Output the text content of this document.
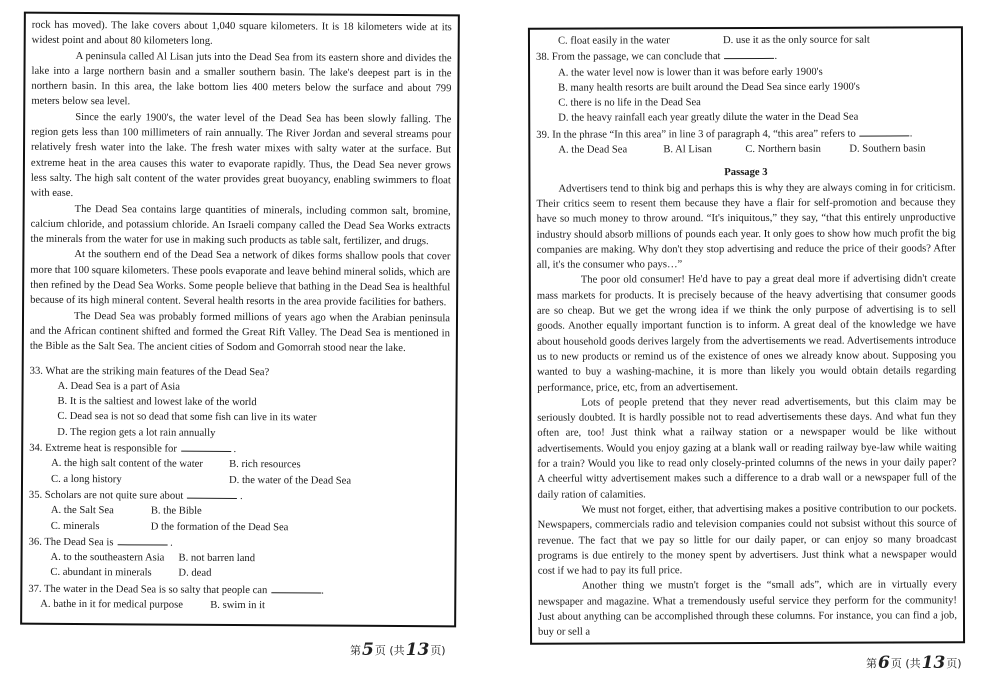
rock has moved). The lake covers about 1,040 square kilometers. It is 18 kilometers wide at its widest point and about 80 kilometers long.

A peninsula called Al Lisan juts into the Dead Sea from its eastern shore and divides the lake into a large northern basin and a smaller southern basin. The lake's deepest part is in the northern basin. In this area, the lake bottom lies 400 meters below the surface and about 799 meters below sea level.

Since the early 1900's, the water level of the Dead Sea has been slowly falling. The region gets less than 100 millimeters of rain annually. The River Jordan and several streams pour relatively fresh water into the lake. The fresh water mixes with salty water at the surface. But extreme heat in the area causes this water to evaporate rapidly. Thus, the Dead Sea never grows less salty. The high salt content of the water provides great buoyancy, enabling swimmers to float with ease.

The Dead Sea contains large quantities of minerals, including common salt, bromine, calcium chloride, and potassium chloride. An Israeli company called the Dead Sea Works extracts the minerals from the water for use in making such products as table salt, fertilizer, and drugs.

At the southern end of the Dead Sea a network of dikes forms shallow pools that cover more that 100 square kilometers. These pools evaporate and leave behind mineral solids, which are then refined by the Dead Sea Works. Some people believe that bathing in the Dead Sea is healthful because of its high mineral content. Several health resorts in the area provide facilities for bathers.

The Dead Sea was probably formed millions of years ago when the Arabian peninsula and the African continent shifted and formed the Great Rift Valley. The Dead Sea is mentioned in the Bible as the Salt Sea. The ancient cities of Sodom and Gomorrah stood near the lake.

33. What are the striking main features of the Dead Sea?

A. Dead Sea is a part of Asia
B. It is the saltiest and lowest lake of the world
C. Dead sea is not so dead that some fish can live in its water
D. The region gets a lot rain annually

34. Extreme heat is responsible for	.

A. the high salt content of the water	B. rich resources
C. a long history	D. the water of the Dead Sea

35. Scholars are not quite sure about	.

A. the Salt Sea	B. the Bible
C. minerals	D the formation of the Dead Sea

36. The Dead Sea is	.

A. to the southeastern Asia	B. not barren land
C. abundant in minerals	D. dead

37. The water in the Dead Sea is so salty that people can	.

A. bathe in it for medical purpose	B. swim in it
第 5 页 (共 13 页)
C. float easily in the water	D. use it as the only source for salt

38. From the passage, we can conclude that	.

A. the water level now is lower than it was before early 1900's
B. many health resorts are built around the Dead Sea since early 1900's
C. there is no life in the Dead Sea
D. the heavy rainfall each year greatly dilute the water in the Dead Sea

39. In the phrase “In this area” in line 3 of paragraph 4, “this area” refers to	.

A. the Dead Sea	B. Al Lisan	C. Northern basin	D. Southern basin

Passage 3

Advertisers tend to think big and perhaps this is why they are always coming in for criticism. Their critics seem to resent them because they have a flair for self-promotion and because they have so much money to throw around. “It's iniquitous,” they say, “that this entirely unproductive industry should absorb millions of pounds each year. It only goes to show how much profit the big companies are making. Why don't they stop advertising and reduce the price of their goods? After all, it's the consumer who pays…”

The poor old consumer! He'd have to pay a great deal more if advertising didn't create mass markets for products. It is precisely because of the heavy advertising that consumer goods are so cheap. But we get the wrong idea if we think the only purpose of advertising is to sell goods. Another equally important function is to inform. A great deal of the knowledge we have about household goods derives largely from the advertisements we read. Advertisements introduce us to new products or remind us of the existence of ones we already know about. Supposing you wanted to buy a washing-machine, it is more than likely you would obtain details regarding performance, price, etc, from an advertisement.

Lots of people pretend that they never read advertisements, but this claim may be seriously doubted. It is hardly possible not to read advertisements these days. And what fun they often are, too! Just think what a railway station or a newspaper would be like without advertisements. Would you enjoy gazing at a blank wall or reading railway bye-law while waiting for a train? Would you like to read only closely-printed columns of the news in your daily paper? A cheerful witty advertisement makes such a difference to a drab wall or a newspaper full of the daily ration of calamities.

We must not forget, either, that advertising makes a positive contribution to our pockets. Newspapers, commercials radio and television companies could not subsist without this source of revenue. The fact that we pay so little for our daily paper, or can enjoy so many broadcast programs is due entirely to the money spent by advertisers. Just think what a newspaper would cost if we had to pay its full price.

Another thing we mustn't forget is the “small ads”, which are in virtually every newspaper and magazine. What a tremendously useful service they perform for the community! Just about anything can be accomplished through these columns. For instance, you can find a job, buy or sell a

第 6 页 (共 13 页)
